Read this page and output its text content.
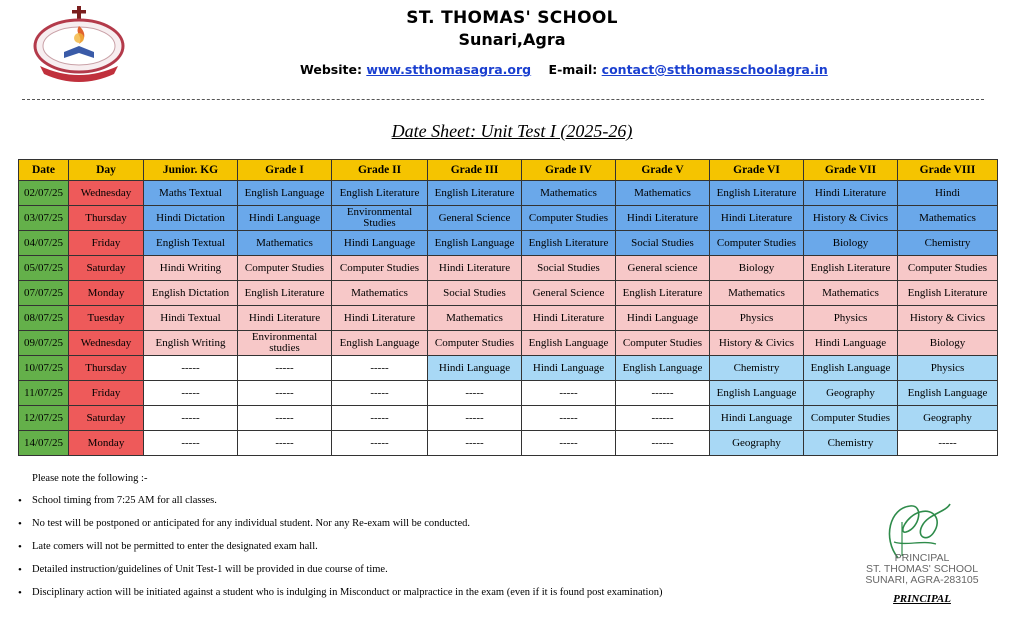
ST. THOMAS' SCHOOL
Sunari,Agra
Website: www.stthomasagra.org E-mail: contact@stthomasschoolagra.in
Date Sheet: Unit Test I (2025-26)
Date	Day	Junior. KG	Grade I	Grade II	Grade III	Grade IV	Grade V	Grade VI	Grade VII	Grade VIII
02/07/25	Wednesday	Maths Textual	English Language	English Literature	English Literature	Mathematics	Mathematics	English Literature	Hindi Literature	Hindi
03/07/25	Thursday	Hindi Dictation	Hindi Language	Environmental Studies	General Science	Computer Studies	Hindi Literature	Hindi Literature	History & Civics	Mathematics
04/07/25	Friday	English Textual	Mathematics	Hindi Language	English Language	English Literature	Social Studies	Computer Studies	Biology	Chemistry
05/07/25	Saturday	Hindi Writing	Computer Studies	Computer Studies	Hindi Literature	Social Studies	General science	Biology	English Literature	Computer Studies
07/07/25	Monday	English Dictation	English Literature	Mathematics	Social Studies	General Science	English Literature	Mathematics	Mathematics	English Literature
08/07/25	Tuesday	Hindi Textual	Hindi Literature	Hindi Literature	Mathematics	Hindi Literature	Hindi Language	Physics	Physics	History & Civics
09/07/25	Wednesday	English Writing	Environmental studies	English Language	Computer Studies	English Language	Computer Studies	History & Civics	Hindi Language	Biology
10/07/25	Thursday	-----	-----	-----	Hindi Language	Hindi Language	English Language	Chemistry	English Language	Physics
11/07/25	Friday	-----	-----	-----	-----	-----	------	English Language	Geography	English Language
12/07/25	Saturday	-----	-----	-----	-----	-----	------	Hindi Language	Computer Studies	Geography
14/07/25	Monday	-----	-----	-----	-----	-----	------	Geography	Chemistry	-----
Please note the following :-
• School timing from 7:25 AM for all classes.
• No test will be postponed or anticipated for any individual student. Nor any Re-exam will be conducted.
• Late comers will not be permitted to enter the designated exam hall.
• Detailed instruction/guidelines of Unit Test-1 will be provided in due course of time.
• Disciplinary action will be initiated against a student who is indulging in Misconduct or malpractice in the exam (even if it is found post examination)
PRINCIPAL
ST. THOMAS' SCHOOL
SUNARI, AGRA-283105
PRINCIPAL
